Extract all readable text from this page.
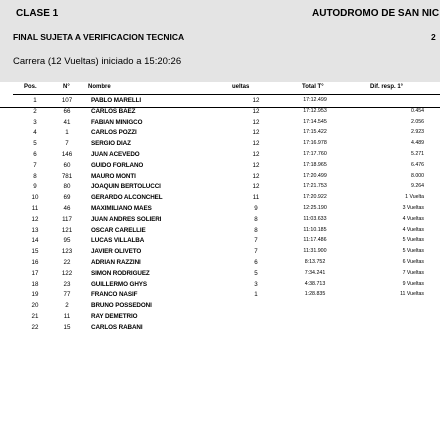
CLASE 1	AUTODROMO DE SAN NIC
FINAL SUJETA A VERIFICACION TECNICA	2
Carrera (12 Vueltas) iniciado a 15:20:26
Pos.	N°	Nombre	ueltas	Total T°	Dif. resp. 1°
1	107	PABLO MARELLI	12	17:12.499
2	66	CARLOS BAEZ	12	17:12.953	0.454
3	41	FABIAN MINIGCO	12	17:14.545	2.056
4	1	CARLOS POZZI	12	17:15.422	2.923
5	7	SERGIO DIAZ	12	17:16.978	4.489
6	146	JUAN ACEVEDO	12	17:17.760	5.271
7	60	GUIDO FORLANO	12	17:18.965	6.476
8	781	MAURO MONTI	12	17:20.499	8.000
9	80	JOAQUIN BERTOLUCCI	12	17:21.753	9.264
10	69	GERARDO ALCONCHEL	11	17:20.922	1 Vuelta
11	46	MAXIMILIANO MAES	9	12:25.190	3 Vueltas
12	117	JUAN ANDRES SOLIERI	8	11:03.633	4 Vueltas
13	121	OSCAR CARELLIE	8	11:10.185	4 Vueltas
14	95	LUCAS VILLALBA	7	11:17.486	5 Vueltas
15	123	JAVIER OLIVETO	7	11:31.900	5 Vueltas
16	22	ADRIAN RAZZINI	6	8:13.752	6 Vueltas
17	122	SIMON RODRIGUEZ	5	7:34.241	7 Vueltas
18	23	GUILLERMO GHYS	3	4:38.713	9 Vueltas
19	77	FRANCO NASIF	1	1:28.835	11 Vueltas
20	2	BRUNO POSSEDONI
21	11	RAY DEMETRIO
22	15	CARLOS RABANI
